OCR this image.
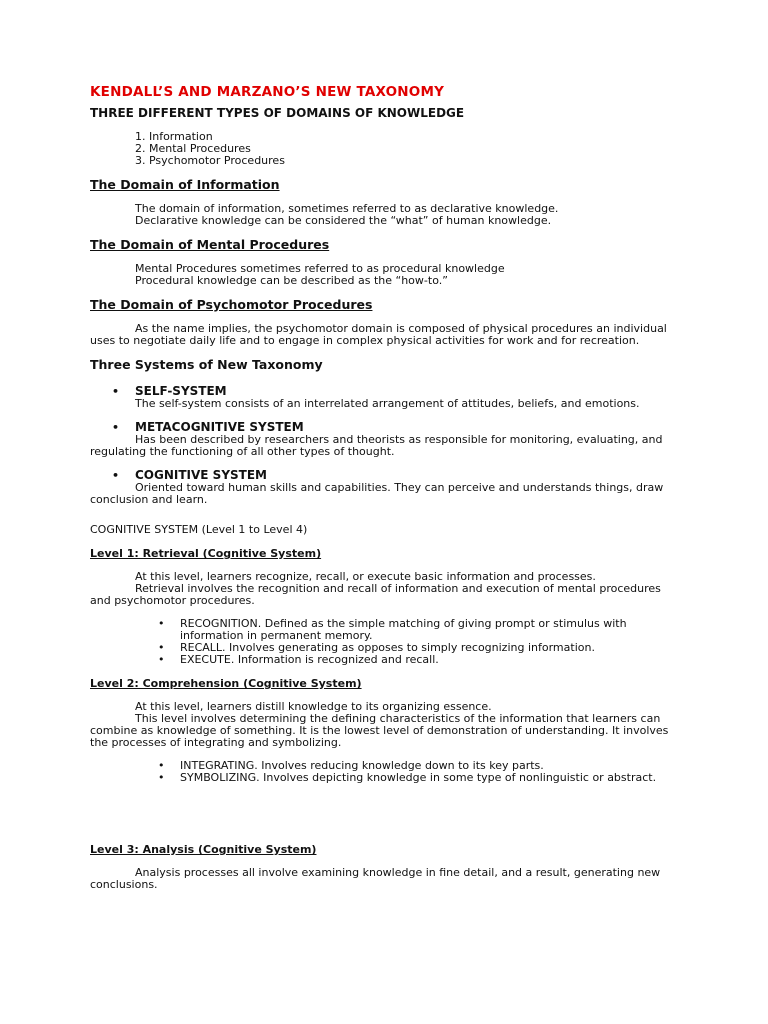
KENDALL’S AND MARZANO’S NEW TAXONOMY
THREE DIFFERENT TYPES OF DOMAINS OF KNOWLEDGE
1. Information
2. Mental Procedures
3. Psychomotor Procedures
The Domain of Information

The domain of information, sometimes referred to as declarative knowledge.

Declarative knowledge can be considered the “what” of human knowledge.

The Domain of Mental Procedures

Mental Procedures sometimes referred to as procedural knowledge

Procedural knowledge can be described as the “how-to.”

The Domain of Psychomotor Procedures

As the name implies, the psychomotor domain is composed of physical procedures an individual uses to negotiate daily life and to engage in complex physical activities for work and for recreation.

Three Systems of New Taxonomy
•	SELF-SYSTEM

The self-system consists of an interrelated arrangement of attitudes, beliefs, and emotions.

•	METACOGNITIVE SYSTEM

Has been described by researchers and theorists as responsible for monitoring, evaluating, and regulating the functioning of all other types of thought.

•	COGNITIVE SYSTEM

Oriented toward human skills and capabilities. They can perceive and understands things, draw conclusion and learn.

COGNITIVE SYSTEM (Level 1 to Level 4)

Level 1: Retrieval (Cognitive System)

At this level, learners recognize, recall, or execute basic information and processes.

Retrieval involves the recognition and recall of information and execution of mental procedures and psychomotor procedures.

• RECOGNITION. Defined as the simple matching of giving prompt or stimulus with information in permanent memory.
• RECALL. Involves generating as opposes to simply recognizing information.
• EXECUTE. Information is recognized and recall.
Level 2: Comprehension (Cognitive System)

At this level, learners distill knowledge to its organizing essence.

This level involves determining the defining characteristics of the information that learners can combine as knowledge of something. It is the lowest level of demonstration of understanding. It involves the processes of integrating and symbolizing.

• INTEGRATING. Involves reducing knowledge down to its key parts.
• SYMBOLIZING. Involves depicting knowledge in some type of nonlinguistic or abstract.
Level 3: Analysis (Cognitive System)

Analysis processes all involve examining knowledge in fine detail, and a result, generating new conclusions.
